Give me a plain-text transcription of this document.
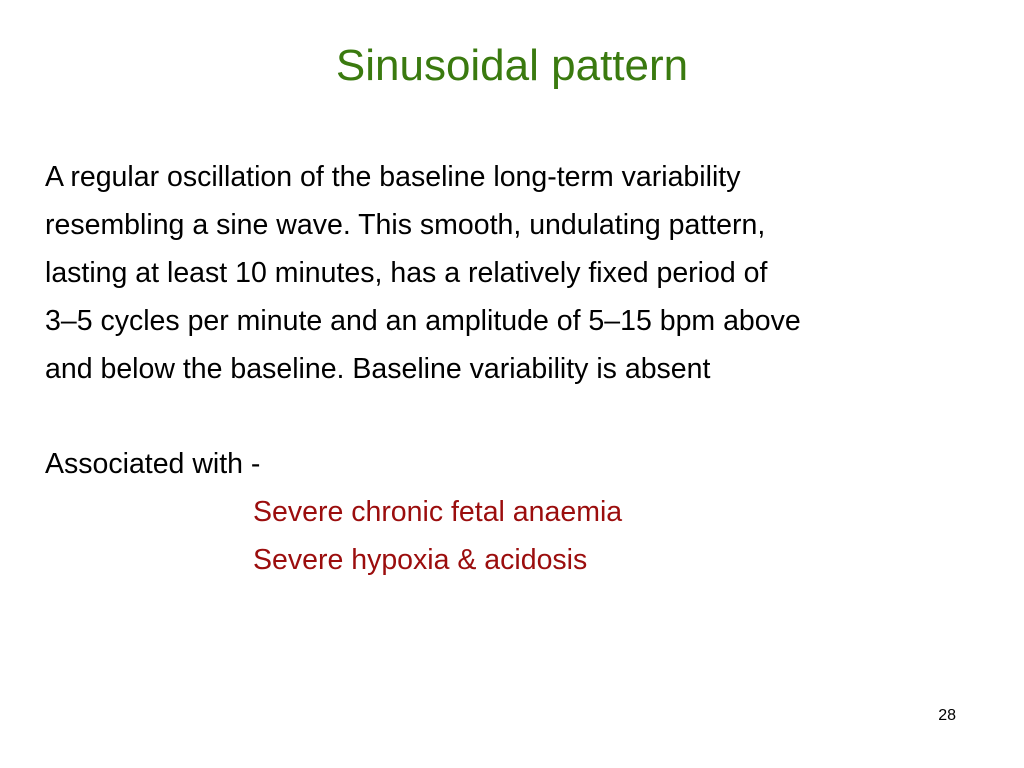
Sinusoidal pattern
A regular oscillation of the baseline long-term variability
resembling a sine wave. This smooth, undulating pattern,
lasting at least 10 minutes, has a relatively fixed period of
3–5 cycles per minute and an amplitude of 5–15 bpm above
and below the baseline. Baseline variability is absent
Associated with -
Severe chronic fetal anaemia
Severe hypoxia & acidosis
28
